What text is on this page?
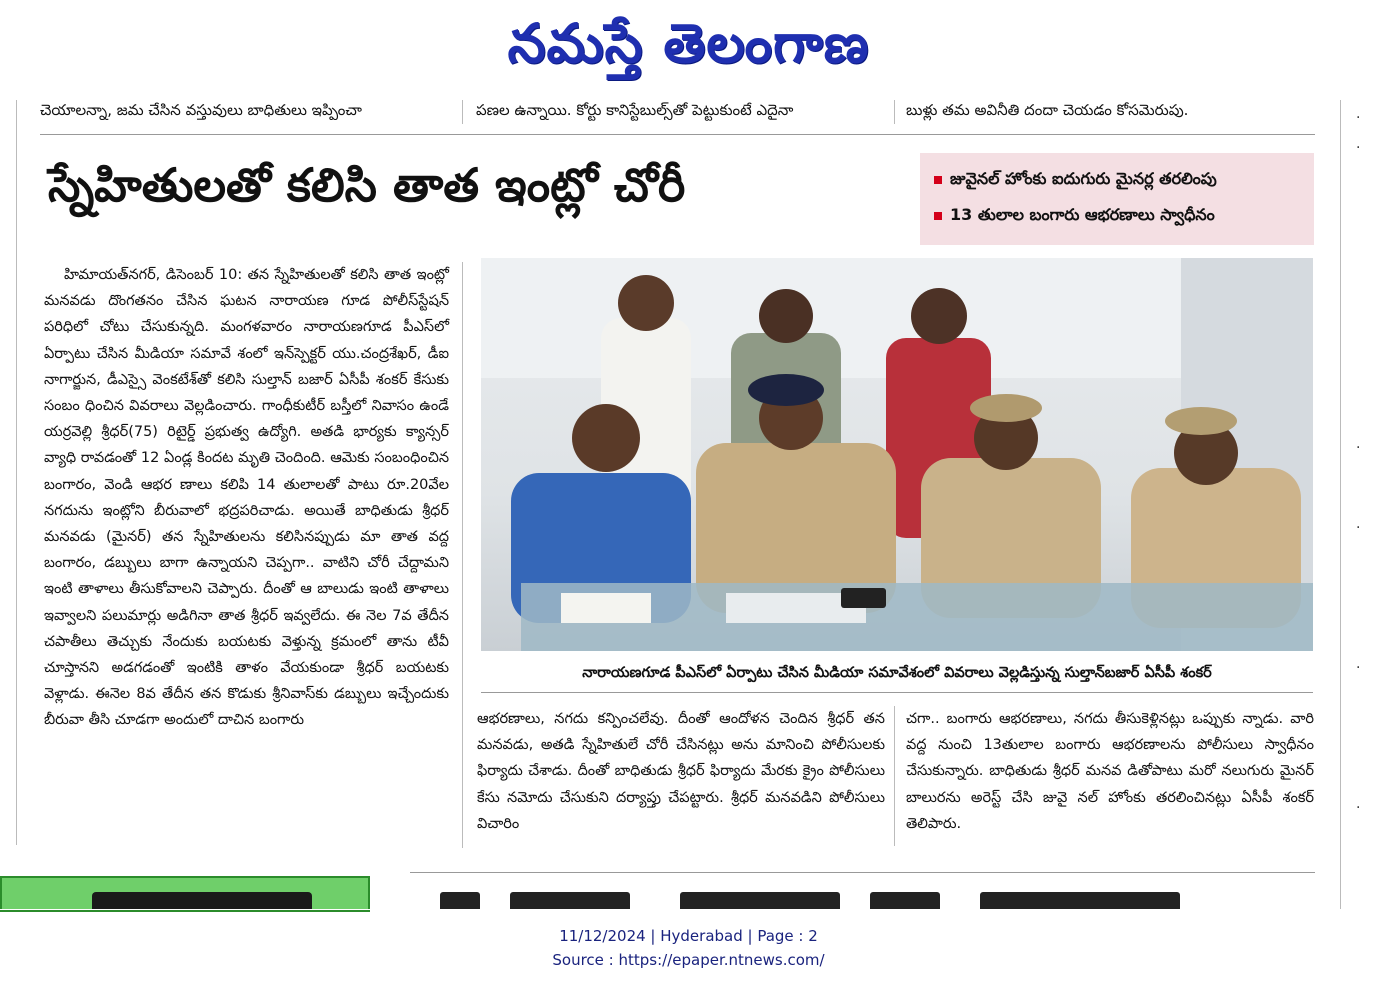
నమస్తే తెలంగాణ
చెయాలన్నా, జమ చేసిన వస్తువులు బాధితులు ఇప్పించా	పణల ఉన్నాయి. కోర్టు కానిస్టేబుల్స్‌తో పెట్టుకుంటే ఎదైనా	బుళ్లు తమ అవినీతి దందా చెయడం కోసమెరుపు.
స్నేహితులతో కలిసి తాత ఇంట్లో చోరీ	జువైనల్ హోంకు ఐదుగురు మైనర్ల తరలింపు
13 తులాల బంగారు ఆభరణాలు స్వాధీనం

హిమాయత్‌నగర్, డిసెంబర్ 10: తన స్నేహితులతో కలిసి తాత ఇంట్లో మనవడు దొంగతనం చేసిన ఘటన నారాయణ గూడ పోలీస్‌స్టేషన్ పరిధిలో చోటు చేసుకున్నది. మంగళవారం నారాయణగూడ పీఎస్‌లో ఏర్పాటు చేసిన మీడియా సమావే శంలో ఇన్‌స్పెక్టర్ యు.చంద్రశేఖర్, డీఐ నాగార్జున, డీఎస్సై వెంకటేశ్‌తో కలిసి సుల్తాన్ బజార్ ఏసీపీ శంకర్ కేసుకు సంబం ధించిన వివరాలు వెల్లడించారు. గాంధీకుటీర్ బస్తీలో నివాసం ఉండే యర్రవెల్లి శ్రీధర్(75) రిటైర్డ్ ప్రభుత్వ ఉద్యోగి. అతడి భార్యకు క్యాన్సర్ వ్యాధి రావడంతో 12 ఏండ్ల కిందట మృతి చెందింది. ఆమెకు సంబంధించిన బంగారం, వెండి ఆభర ణాలు కలిపి 14 తులాలతో పాటు రూ.20వేల నగదును ఇంట్లోని బీరువాలో భద్రపరిచాడు. అయితే బాధితుడు శ్రీధర్ మనవడు (మైనర్) తన స్నేహితులను కలిసినప్పుడు మా తాత వద్ద బంగారం, డబ్బులు బాగా ఉన్నాయని చెప్పగా.. వాటిని చోరీ చేద్దామని ఇంటి తాళాలు తీసుకోవాలని చెప్పారు. దీంతో ఆ బాలుడు ఇంటి తాళాలు ఇవ్వాలని పలుమార్లు అడిగినా తాత శ్రీధర్ ఇవ్వలేదు. ఈ నెల 7వ తేదీన చపాతీలు తెచ్చుకు నేందుకు బయటకు వెళ్తున్న క్రమంలో తాను టీవీ చూస్తానని అడగడంతో ఇంటికి తాళం వేయకుండా శ్రీధర్ బయటకు వెళ్లాడు. ఈనెల 8వ తేదీన తన కొడుకు శ్రీనివాస్‌కు డబ్బులు ఇచ్చేందుకు బీరువా తీసి చూడగా అందులో దాచిన బంగారు

నారాయణగూడ పీఎస్‌లో ఏర్పాటు చేసిన మీడియా సమావేశంలో వివరాలు వెల్లడిస్తున్న సుల్తాన్‌బజార్ ఏసీపీ శంకర్

ఆభరణాలు, నగదు కన్పించలేవు. దీంతో ఆందోళన చెందిన శ్రీధర్ తన మనవడు, అతడి స్నేహితులే చోరీ చేసినట్లు అను మానించి పోలీసులకు ఫిర్యాదు చేశాడు. దీంతో బాధితుడు శ్రీధర్ ఫిర్యాదు మేరకు క్రైం పోలీసులు కేసు నమోదు చేసుకుని దర్యాప్తు చేపట్టారు. శ్రీధర్ మనవడిని పోలీసులు విచారిం

చగా.. బంగారు ఆభరణాలు, నగదు తీసుకెళ్లినట్లు ఒప్పుకు న్నాడు. వారి వద్ద నుంచి 13తులాల బంగారు ఆభరణాలను పోలీసులు స్వాధీనం చేసుకున్నారు. బాధితుడు శ్రీధర్ మనవ డితోపాటు మరో నలుగురు మైనర్ బాలురను అరెస్ట్ చేసి జువై నల్ హోంకు తరలించినట్లు ఏసీపీ శంకర్ తెలిపారు.

·
·
·
·
·
·
11/12/2024 | Hyderabad | Page : 2
Source : https://epaper.ntnews.com/
